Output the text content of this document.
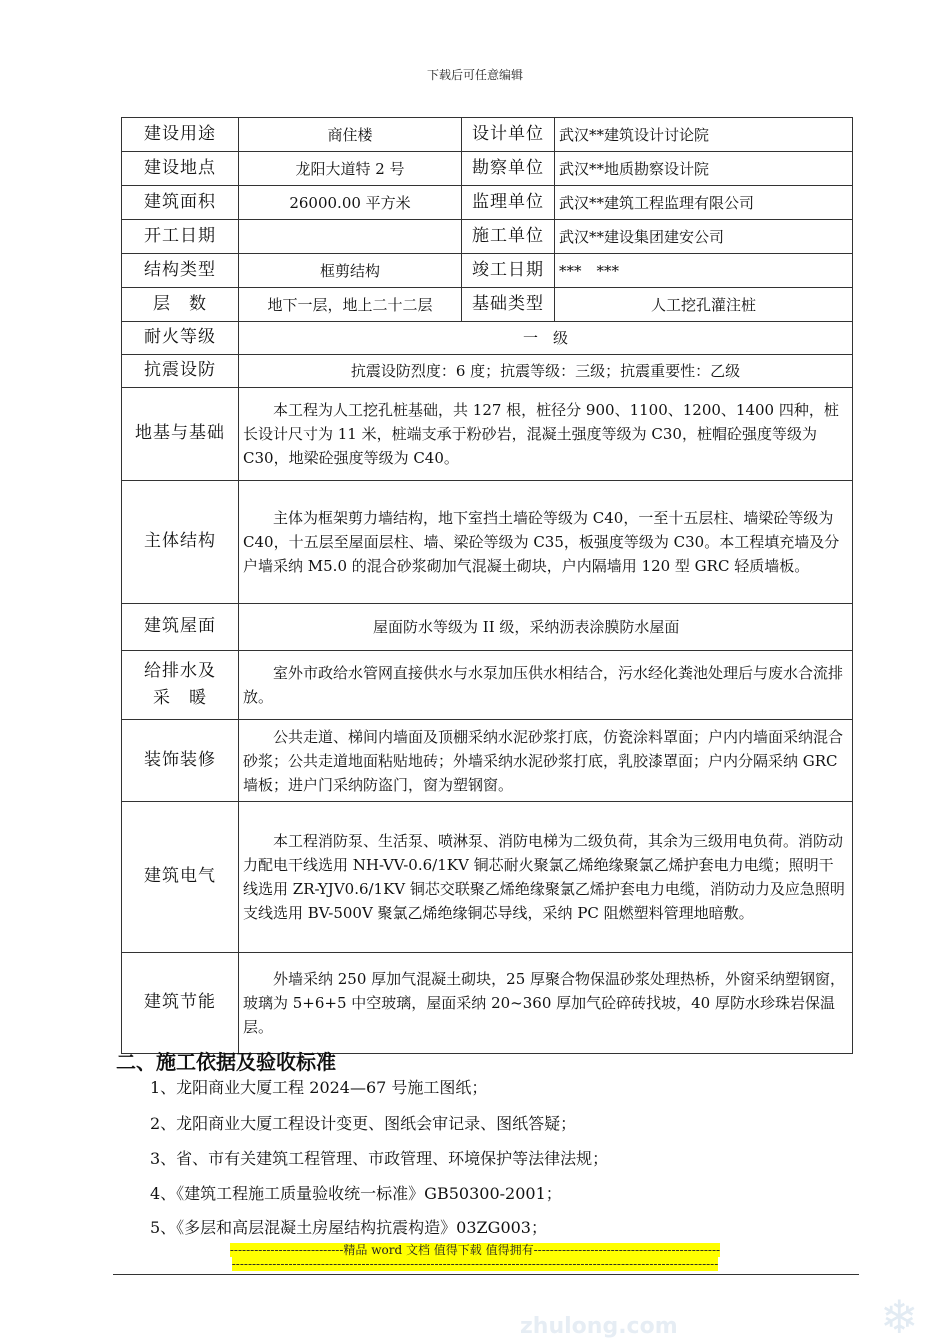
下载后可任意编辑
建设用途	商住楼	设计单位	武汉**建筑设计讨论院
建设地点	龙阳大道特 2 号	勘察单位	武汉**地质勘察设计院
建筑面积	26000.00 平方米	监理单位	武汉**建筑工程监理有限公司
开工日期		施工单位	武汉**建设集团建安公司
结构类型	框剪结构	竣工日期	***　***
层　数	地下一层，地上二十二层	基础类型	人工挖孔灌注桩
耐火等级	一　级		
抗震设防	抗震设防烈度：6 度；抗震等级：三级；抗震重要性：乙级		
地基与基础	本工程为人工挖孔桩基础，共 127 根，桩径分 900、1100、1200、1400 四种，桩长设计尺寸为 11 米，桩端支承于粉砂岩，混凝土强度等级为 C30，桩帽砼强度等级为 C30，地梁砼强度等级为 C40。		
主体结构	主体为框架剪力墙结构，地下室挡土墙砼等级为 C40，一至十五层柱、墙梁砼等级为 C40，十五层至屋面层柱、墙、梁砼等级为 C35，板强度等级为 C30。本工程填充墙及分户墙采纳 M5.0 的混合砂浆砌加气混凝土砌块，户内隔墙用 120 型 GRC 轻质墙板。		
建筑屋面	屋面防水等级为 II 级，采纳沥表涂膜防水屋面		

给排水及
采　暖	室外市政给水管网直接供水与水泵加压供水相结合，污水经化粪池处理后与废水合流排放。		
装饰装修	公共走道、梯间内墙面及顶棚采纳水泥砂浆打底，仿瓷涂料罩面；户内内墙面采纳混合砂浆；公共走道地面粘贴地砖；外墙采纳水泥砂浆打底，乳胶漆罩面；户内分隔采纳 GRC 墙板；进户门采纳防盗门，窗为塑钢窗。		
建筑电气	本工程消防泵、生活泵、喷淋泵、消防电梯为二级负荷，其余为三级用电负荷。消防动力配电干线选用 NH-VV-0.6/1KV 铜芯耐火聚氯乙烯绝缘聚氯乙烯护套电力电缆；照明干线选用 ZR-YJV0.6/1KV 铜芯交联聚乙烯绝缘聚氯乙烯护套电力电缆，消防动力及应急照明支线选用 BV-500V 聚氯乙烯绝缘铜芯导线，采纳 PC 阻燃塑料管理地暗敷。		
建筑节能	外墙采纳 250 厚加气混凝土砌块，25 厚聚合物保温砂浆处理热桥，外窗采纳塑钢窗，玻璃为 5+6+5 中空玻璃，屋面采纳 20~360 厚加气砼碎砖找坡，40 厚防水珍珠岩保温层。		
二、施工依据及验收标准
1、龙阳商业大厦工程 2024—67 号施工图纸；
2、龙阳商业大厦工程设计变更、图纸会审记录、图纸答疑；
3、省、市有关建筑工程管理、市政管理、环境保护等法律法规；
4、《建筑工程施工质量验收统一标准》GB50300-2001；
5、《多层和高层混凝土房屋结构抗震构造》03ZG003；
----------------------------精品 word 文档 值得下载 值得拥有----------------------------------------------
------------------------------------------------------------------------------------------------------------------------
zhulong.com	❄
